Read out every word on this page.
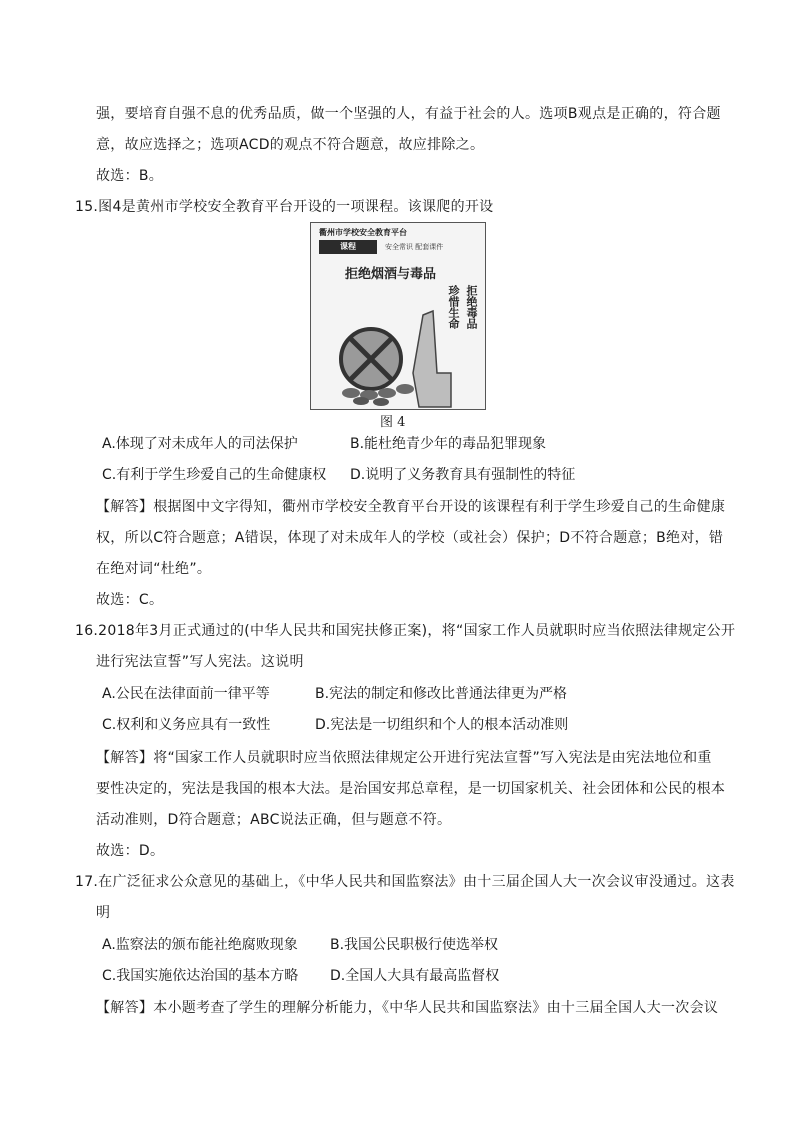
强，要培育自强不息的优秀品质，做一个坚强的人，有益于社会的人。选项B观点是正确的，符合题
意，故应选择之；选项ACD的观点不符合题意，故应排除之。
故选：B。
15.图4是黄州市学校安全教育平台开设的一项课程。该课爬的开设
衢州市学校安全教育平台
课程	安全常识 配套课件
拒绝烟酒与毒品
拒绝毒品
珍惜生命
图 4
A.体现了对未成年人的司法保护	B.能杜绝青少年的毒品犯罪现象
C.有利于学生珍爱自己的生命健康权 D.说明了义务教育具有强制性的特征
【解答】根据图中文字得知，衢州市学校安全教育平台开设的该课程有利于学生珍爱自己的生命健康
权，所以C符合题意；A错误，体现了对未成年人的学校（或社会）保护；D不符合题意；B绝对，错
在绝对词“杜绝”。
故选：C。
16.2018年3月正式通过的(中华人民共和国宪扶修正案)，将“国家工作人员就职时应当依照法律规定公开
进行宪法宣誓”写人宪法。这说明
A.公民在法律面前一律平等	B.宪法的制定和修改比普通法律更为严格
C.权利和义务应具有一致性	D.宪法是一切组织和个人的根本活动准则
【解答】将“国家工作人员就职时应当依照法律规定公开进行宪法宣誓”写入宪法是由宪法地位和重
要性决定的，宪法是我国的根本大法。是治国安邦总章程，是一切国家机关、社会团体和公民的根本
活动准则，D符合题意；ABC说法正确，但与题意不符。
故选：D。
17.在广泛征求公众意见的基础上，《中华人民共和国监察法》由十三届企国人大一次会议审没通过。这表
明
A.监察法的颁布能社绝腐败现象 B.我国公民职极行使选举权
C.我国实施依达治国的基本方略 D.全国人大具有最高监督权
【解答】本小题考查了学生的理解分析能力，《中华人民共和国监察法》由十三届全国人大一次会议
